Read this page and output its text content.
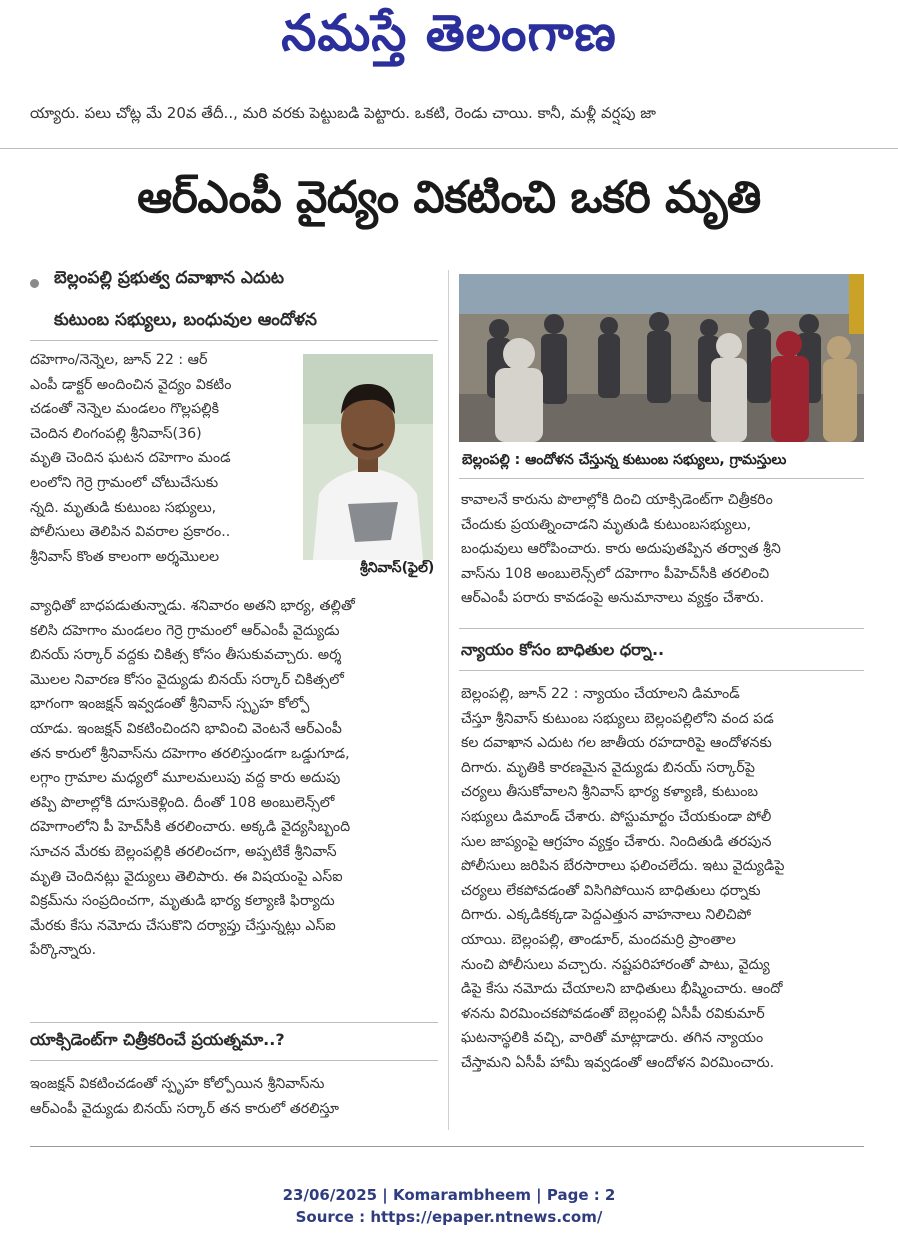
నమస్తే తెలంగాణ
య్యారు. పలు చోట్ల మే 20వ తేదీ.., మరి వరకు పెట్టుబడి పెట్టారు. ఒకటి, రెండు చాయి. కానీ, మళ్లీ వర్షపు జా
ఆర్ఎంపీ వైద్యం వికటించి ఒకరి మృతి
బెల్లంపల్లి ప్రభుత్వ దవాఖాన ఎదుట
కుటుంబ సభ్యులు, బంధువుల ఆందోళన
శ్రీనివాస్(ఫైల్)

దహెగాం/నెన్నెల, జూన్ 22 : ఆర్

ఎంపీ డాక్టర్ అందించిన వైద్యం వికటిం

చడంతో నెన్నెల మండలం గొల్లపల్లికి

చెందిన లింగంపల్లి శ్రీనివాస్(36)

మృతి చెందిన ఘటన దహెగాం మండ

లంలోని గెర్రె గ్రామంలో చోటుచేసుకు

న్నది. మృతుడి కుటుంబ సభ్యులు,

పోలీసులు తెలిపిన వివరాల ప్రకారం..

శ్రీనివాస్ కొంత కాలంగా అర్శమొలల

వ్యాధితో బాధపడుతున్నాడు. శనివారం అతని భార్య, తల్లితో

కలిసి దహెగాం మండలం గెర్రె గ్రామంలో ఆర్ఎంపీ వైద్యుడు

బినయ్ సర్కార్ వద్దకు చికిత్స కోసం తీసుకువచ్చారు. అర్శ

మొలల నివారణ కోసం వైద్యుడు బినయ్ సర్కార్ చికిత్సలో

భాగంగా ఇంజక్షన్ ఇవ్వడంతో శ్రీనివాస్ స్పృహ కోల్పో

యాడు. ఇంజక్షన్ వికటించిందని భావించి వెంటనే ఆర్ఎంపీ

తన కారులో శ్రీనివాస్‌ను దహెగాం తరలిస్తుండగా ఒడ్డుగూడ,

లగ్గాం గ్రామాల మధ్యలో మూలమలుపు వద్ద కారు అదుపు

తప్పి పొలాల్లోకి దూసుకెళ్లింది. దీంతో 108 అంబులెన్స్‌లో

దహెగాంలోని పీ హెచ్‌సీకి తరలించారు. అక్కడి వైద్యసిబ్బంది

సూచన మేరకు బెల్లంపల్లికి తరలించగా, అప్పటికే శ్రీనివాస్

మృతి చెందినట్లు వైద్యులు తెలిపారు. ఈ విషయంపై ఎస్ఐ

విక్రమ్‌ను సంప్రదించగా, మృతుడి భార్య కల్యాణి ఫిర్యాదు

మేరకు కేసు నమోదు చేసుకొని దర్యాప్తు చేస్తున్నట్లు ఎస్ఐ

పేర్కొన్నారు.

యాక్సిడెంట్‌గా చిత్రీకరించే ప్రయత్నమా..?

ఇంజక్షన్ వికటించడంతో స్పృహ కోల్పోయిన శ్రీనివాస్‌ను

ఆర్ఎంపీ వైద్యుడు బినయ్ సర్కార్ తన కారులో తరలిస్తూ

బెల్లంపల్లి : ఆందోళన చేస్తున్న కుటుంబ సభ్యులు, గ్రామస్తులు

కావాలనే కారును పొలాల్లోకి దించి యాక్సిడెంట్‌గా చిత్రీకరిం

చేందుకు ప్రయత్నించాడని మృతుడి కుటుంబసభ్యులు,

బంధువులు ఆరోపించారు. కారు అదుపుతప్పిన తర్వాత శ్రీని

వాస్‌ను 108 అంబులెన్స్‌లో దహెగాం పీహెచ్‌సీకి తరలించి

ఆర్ఎంపీ పరారు కావడంపై అనుమానాలు వ్యక్తం చేశారు.

న్యాయం కోసం బాధితుల ధర్నా..

బెల్లంపల్లి, జూన్ 22 : న్యాయం చేయాలని డిమాండ్

చేస్తూ శ్రీనివాస్ కుటుంబ సభ్యులు బెల్లంపల్లిలోని వంద పడ

కల దవాఖాన ఎదుట గల జాతీయ రహదారిపై ఆందోళనకు

దిగారు. మృతికి కారణమైన వైద్యుడు బినయ్ సర్కార్‌పై

చర్యలు తీసుకోవాలని శ్రీనివాస్ భార్య కళ్యాణి, కుటుంబ

సభ్యులు డిమాండ్ చేశారు. పోస్టుమార్టం చేయకుండా పోలీ

సుల జాప్యంపై ఆగ్రహం వ్యక్తం చేశారు. నిందితుడి తరపున

పోలీసులు జరిపిన బేరసారాలు ఫలించలేదు. ఇటు వైద్యుడిపై

చర్యలు లేకపోవడంతో విసిగిపోయిన బాధితులు ధర్నాకు

దిగారు. ఎక్కడికక్కడా పెద్దఎత్తున వాహనాలు నిలిచిపో

యాయి. బెల్లంపల్లి, తాండూర్, మందమర్రి ప్రాంతాల

నుంచి పోలీసులు వచ్చారు. నష్టపరిహారంతో పాటు, వైద్యు

డిపై కేసు నమోదు చేయాలని బాధితులు భీష్మించారు. ఆందో

ళనను విరమించకపోవడంతో బెల్లంపల్లి ఏసీపీ రవికుమార్

ఘటనాస్థలికి వచ్చి, వారితో మాట్లాడారు. తగిన న్యాయం

చేస్తామని ఏసీపీ హామీ ఇవ్వడంతో ఆందోళన విరమించారు.

23/06/2025 | Komarambheem | Page : 2
Source : https://epaper.ntnews.com/
